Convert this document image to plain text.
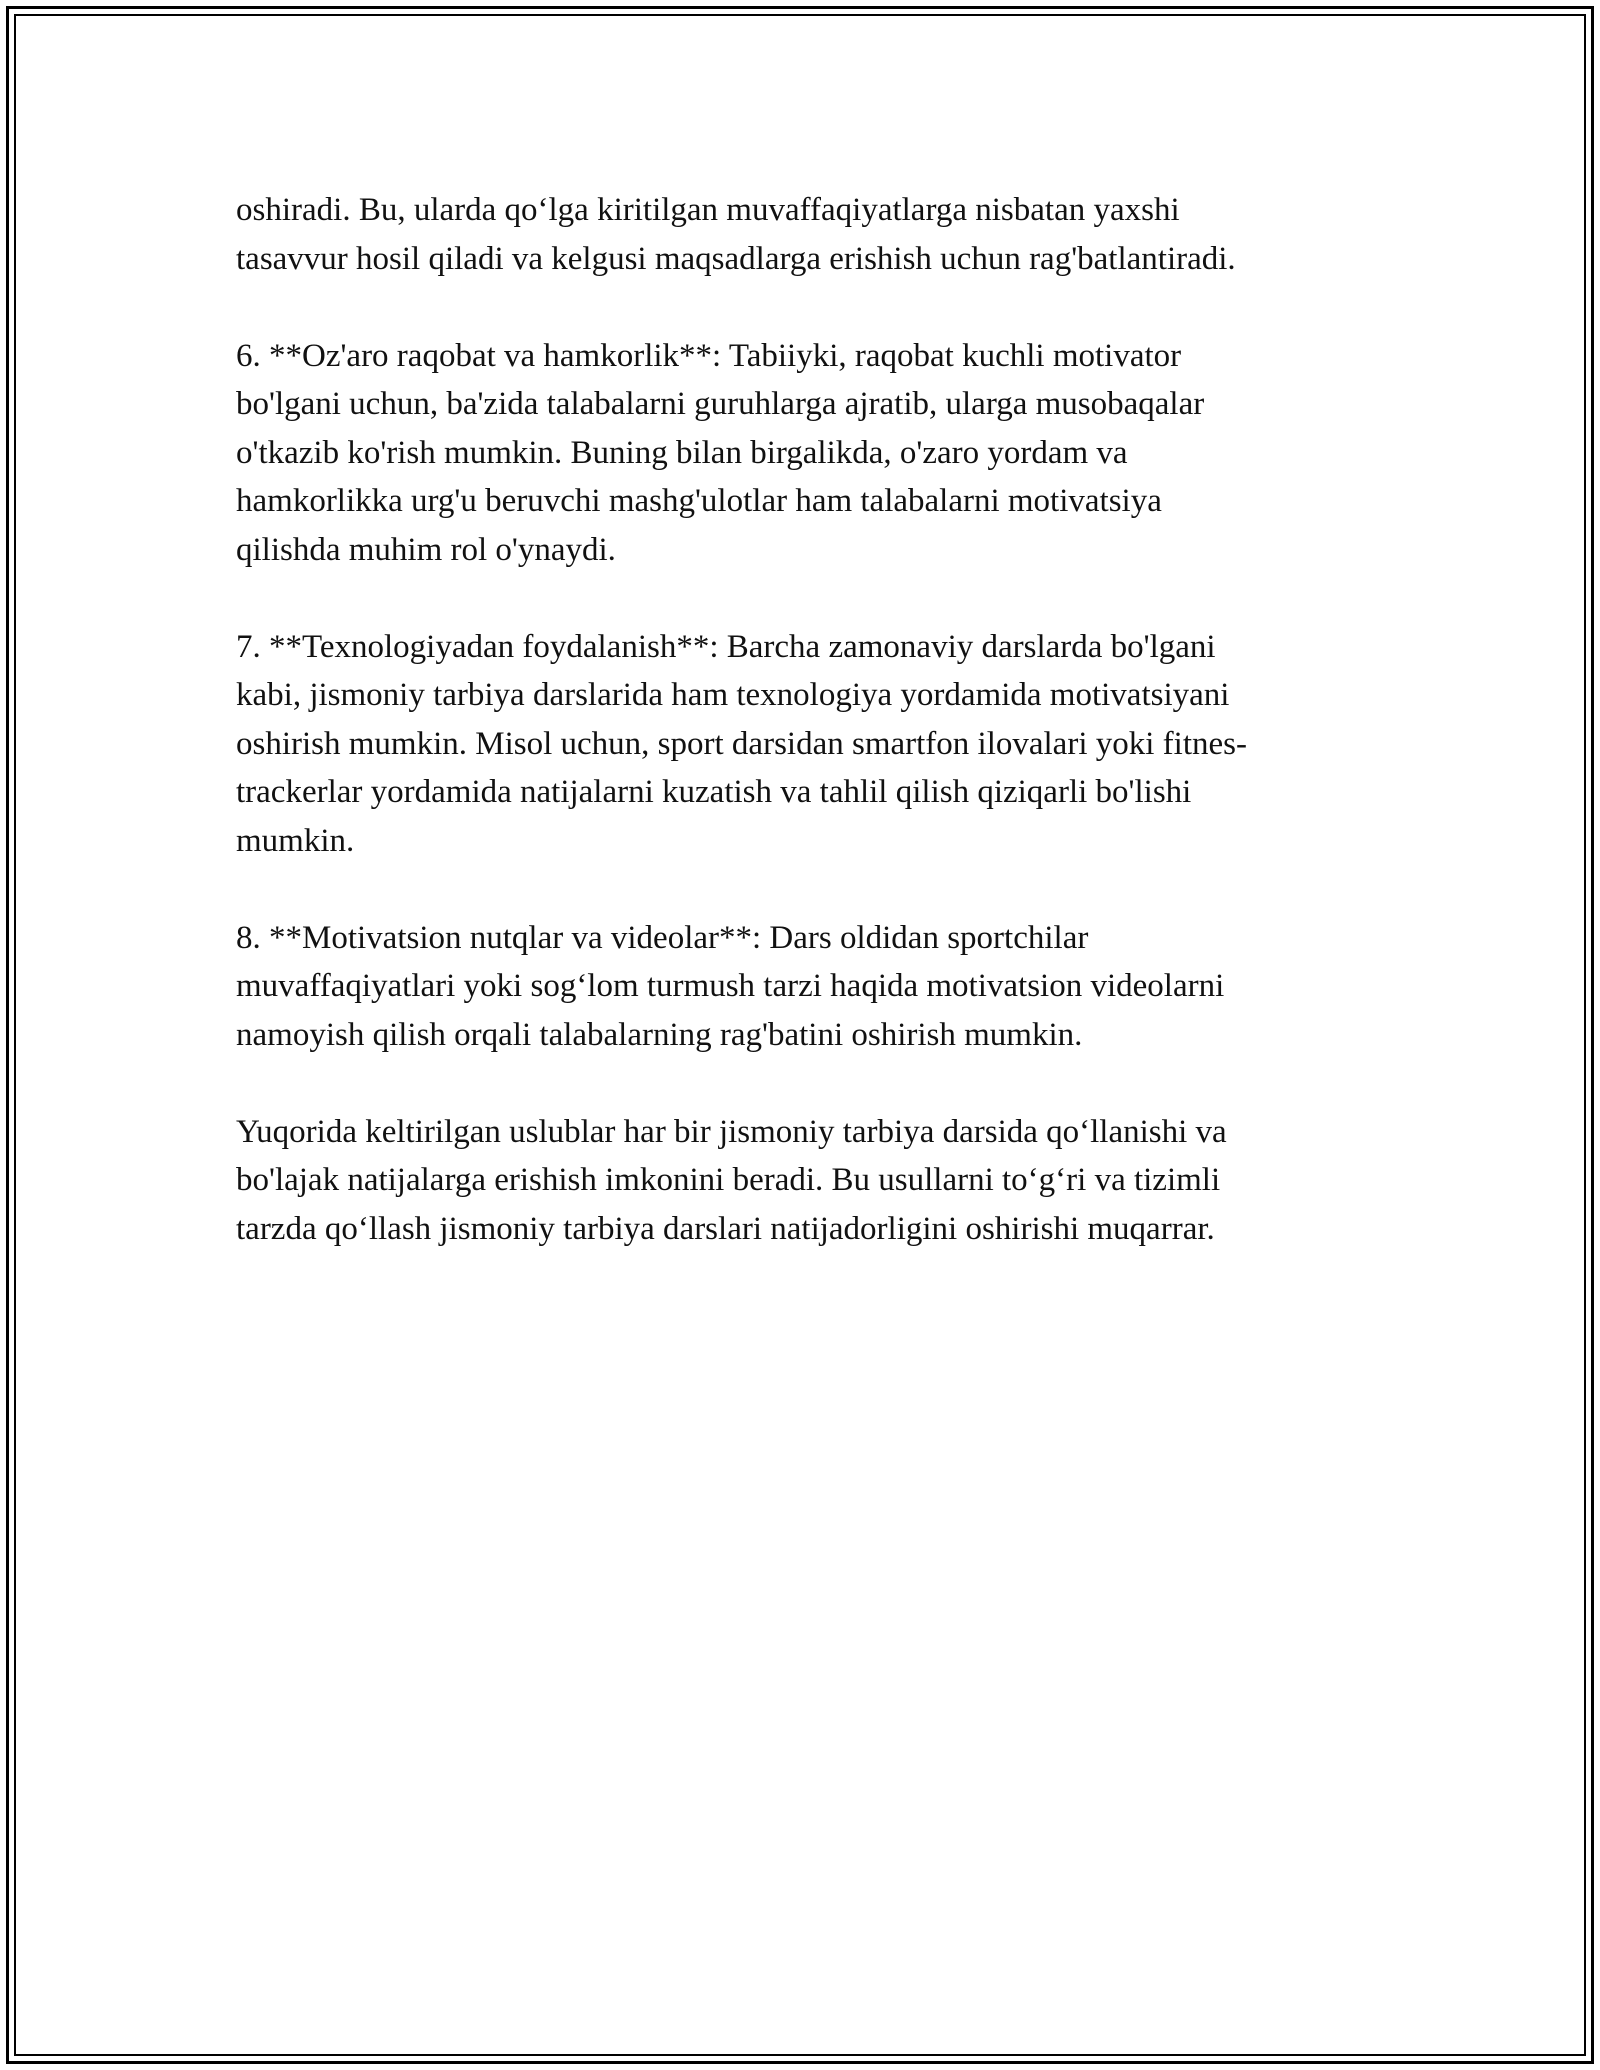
oshiradi. Bu, ularda qo‘lga kiritilgan muvaffaqiyatlarga nisbatan yaxshi
tasavvur hosil qiladi va kelgusi maqsadlarga erishish uchun rag'batlantiradi.

6. **Oz'aro raqobat va hamkorlik**: Tabiiyki, raqobat kuchli motivator
bo'lgani uchun, ba'zida talabalarni guruhlarga ajratib, ularga musobaqalar
o'tkazib ko'rish mumkin. Buning bilan birgalikda, o'zaro yordam va
hamkorlikka urg'u beruvchi mashg'ulotlar ham talabalarni motivatsiya
qilishda muhim rol o'ynaydi.

7. **Texnologiyadan foydalanish**: Barcha zamonaviy darslarda bo'lgani
kabi, jismoniy tarbiya darslarida ham texnologiya yordamida motivatsiyani
oshirish mumkin. Misol uchun, sport darsidan smartfon ilovalari yoki fitnes-
trackerlar yordamida natijalarni kuzatish va tahlil qilish qiziqarli bo'lishi
mumkin.

8. **Motivatsion nutqlar va videolar**: Dars oldidan sportchilar
muvaffaqiyatlari yoki sog‘lom turmush tarzi haqida motivatsion videolarni
namoyish qilish orqali talabalarning rag'batini oshirish mumkin.

Yuqorida keltirilgan uslublar har bir jismoniy tarbiya darsida qo‘llanishi va
bo'lajak natijalarga erishish imkonini beradi. Bu usullarni to‘g‘ri va tizimli
tarzda qo‘llash jismoniy tarbiya darslari natijadorligini oshirishi muqarrar.
